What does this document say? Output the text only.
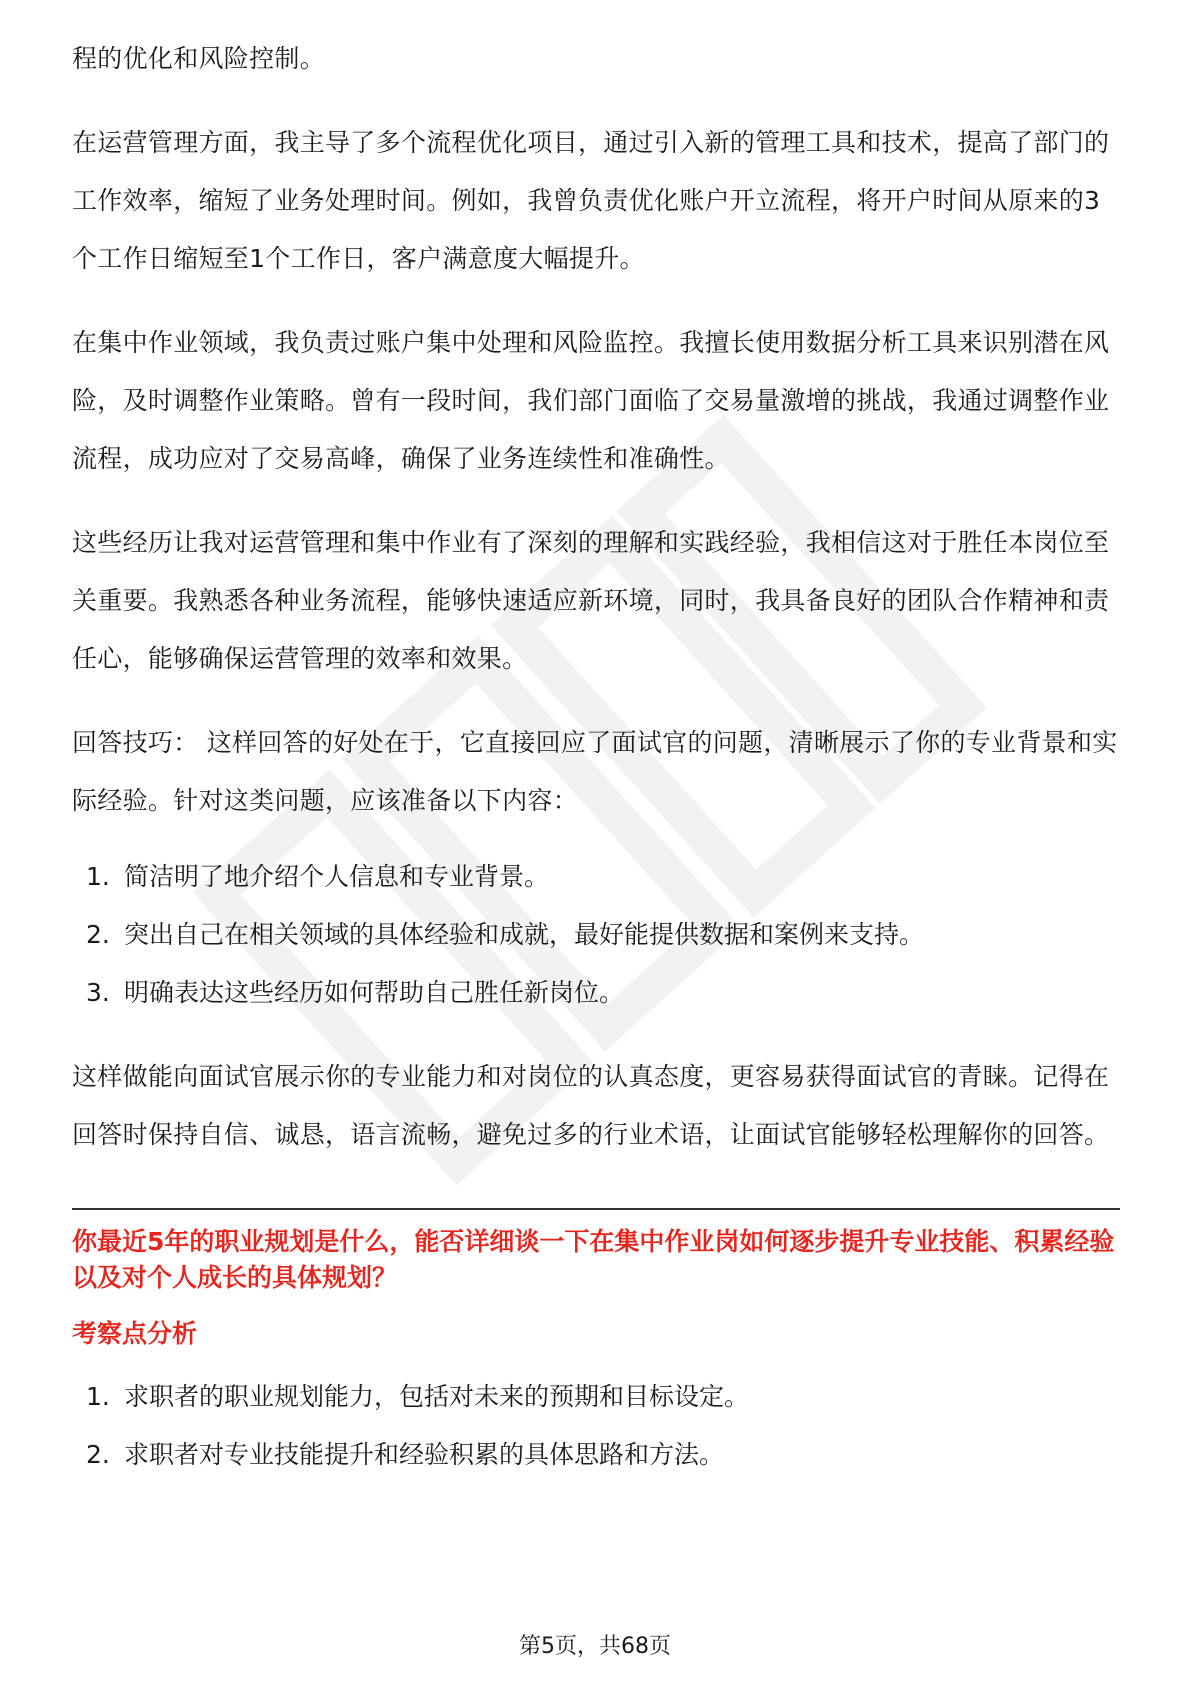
程的优化和风险控制。

在运营管理方面，我主导了多个流程优化项目，通过引入新的管理工具和技术，提高了部门的工作效率，缩短了业务处理时间。例如，我曾负责优化账户开立流程，将开户时间从原来的3个工作日缩短至1个工作日，客户满意度大幅提升。

在集中作业领域，我负责过账户集中处理和风险监控。我擅长使用数据分析工具来识别潜在风险，及时调整作业策略。曾有一段时间，我们部门面临了交易量激增的挑战，我通过调整作业流程，成功应对了交易高峰，确保了业务连续性和准确性。

这些经历让我对运营管理和集中作业有了深刻的理解和实践经验，我相信这对于胜任本岗位至关重要。我熟悉各种业务流程，能够快速适应新环境，同时，我具备良好的团队合作精神和责任心，能够确保运营管理的效率和效果。

回答技巧： 这样回答的好处在于，它直接回应了面试官的问题，清晰展示了你的专业背景和实际经验。针对这类问题，应该准备以下内容：

1. 简洁明了地介绍个人信息和专业背景。
2. 突出自己在相关领域的具体经验和成就，最好能提供数据和案例来支持。
3. 明确表达这些经历如何帮助自己胜任新岗位。

这样做能向面试官展示你的专业能力和对岗位的认真态度，更容易获得面试官的青睐。记得在回答时保持自信、诚恳，语言流畅，避免过多的行业术语，让面试官能够轻松理解你的回答。

你最近5年的职业规划是什么，能否详细谈一下在集中作业岗如何逐步提升专业技能、积累经验以及对个人成长的具体规划？

考察点分析

1. 求职者的职业规划能力，包括对未来的预期和目标设定。
2. 求职者对专业技能提升和经验积累的具体思路和方法。
第5页，共68页
